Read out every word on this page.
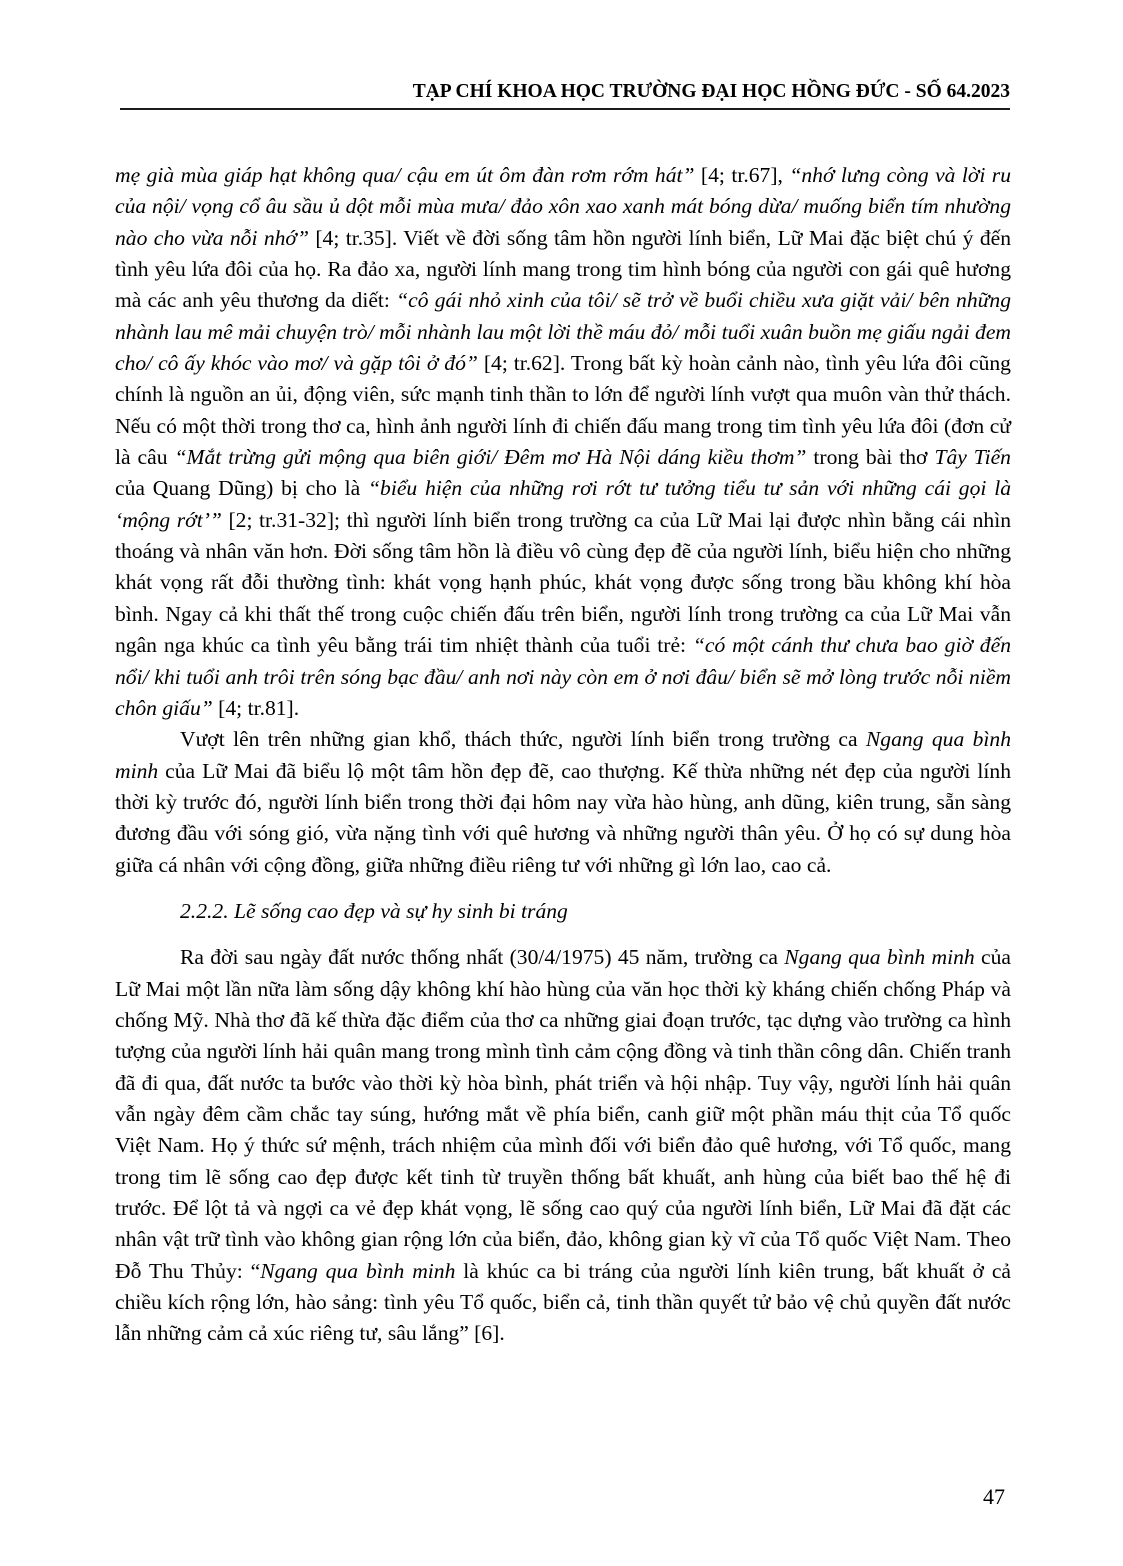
TẠP CHÍ KHOA HỌC TRƯỜNG ĐẠI HỌC HỒNG ĐỨC - SỐ 64.2023

mẹ già mùa giáp hạt không qua/ cậu em út ôm đàn rơm rớm hát” [4; tr.67], “nhớ lưng còng và lời ru của nội/ vọng cổ âu sầu ủ dột mỗi mùa mưa/ đảo xôn xao xanh mát bóng dừa/ muống biển tím nhường nào cho vừa nỗi nhớ” [4; tr.35]. Viết về đời sống tâm hồn người lính biển, Lữ Mai đặc biệt chú ý đến tình yêu lứa đôi của họ. Ra đảo xa, người lính mang trong tim hình bóng của người con gái quê hương mà các anh yêu thương da diết: “cô gái nhỏ xinh của tôi/ sẽ trở về buổi chiều xưa giặt vải/ bên những nhành lau mê mải chuyện trò/ mỗi nhành lau một lời thề máu đỏ/ mỗi tuổi xuân buồn mẹ giấu ngải đem cho/ cô ấy khóc vào mơ/ và gặp tôi ở đó” [4; tr.62]. Trong bất kỳ hoàn cảnh nào, tình yêu lứa đôi cũng chính là nguồn an ủi, động viên, sức mạnh tinh thần to lớn để người lính vượt qua muôn vàn thử thách. Nếu có một thời trong thơ ca, hình ảnh người lính đi chiến đấu mang trong tim tình yêu lứa đôi (đơn cử là câu “Mắt trừng gửi mộng qua biên giới/ Đêm mơ Hà Nội dáng kiều thơm” trong bài thơ Tây Tiến của Quang Dũng) bị cho là “biểu hiện của những rơi rớt tư tưởng tiểu tư sản với những cái gọi là ‘mộng rớt’” [2; tr.31-32]; thì người lính biển trong trường ca của Lữ Mai lại được nhìn bằng cái nhìn thoáng và nhân văn hơn. Đời sống tâm hồn là điều vô cùng đẹp đẽ của người lính, biểu hiện cho những khát vọng rất đỗi thường tình: khát vọng hạnh phúc, khát vọng được sống trong bầu không khí hòa bình. Ngay cả khi thất thế trong cuộc chiến đấu trên biển, người lính trong trường ca của Lữ Mai vẫn ngân nga khúc ca tình yêu bằng trái tim nhiệt thành của tuổi trẻ: “có một cánh thư chưa bao giờ đến nổi/ khi tuổi anh trôi trên sóng bạc đầu/ anh nơi này còn em ở nơi đâu/ biển sẽ mở lòng trước nỗi niềm chôn giấu” [4; tr.81].

Vượt lên trên những gian khổ, thách thức, người lính biển trong trường ca Ngang qua bình minh của Lữ Mai đã biểu lộ một tâm hồn đẹp đẽ, cao thượng. Kế thừa những nét đẹp của người lính thời kỳ trước đó, người lính biển trong thời đại hôm nay vừa hào hùng, anh dũng, kiên trung, sẵn sàng đương đầu với sóng gió, vừa nặng tình với quê hương và những người thân yêu. Ở họ có sự dung hòa giữa cá nhân với cộng đồng, giữa những điều riêng tư với những gì lớn lao, cao cả.

2.2.2. Lẽ sống cao đẹp và sự hy sinh bi tráng

Ra đời sau ngày đất nước thống nhất (30/4/1975) 45 năm, trường ca Ngang qua bình minh của Lữ Mai một lần nữa làm sống dậy không khí hào hùng của văn học thời kỳ kháng chiến chống Pháp và chống Mỹ. Nhà thơ đã kế thừa đặc điểm của thơ ca những giai đoạn trước, tạc dựng vào trường ca hình tượng của người lính hải quân mang trong mình tình cảm cộng đồng và tinh thần công dân. Chiến tranh đã đi qua, đất nước ta bước vào thời kỳ hòa bình, phát triển và hội nhập. Tuy vậy, người lính hải quân vẫn ngày đêm cầm chắc tay súng, hướng mắt về phía biển, canh giữ một phần máu thịt của Tổ quốc Việt Nam. Họ ý thức sứ mệnh, trách nhiệm của mình đối với biển đảo quê hương, với Tổ quốc, mang trong tim lẽ sống cao đẹp được kết tinh từ truyền thống bất khuất, anh hùng của biết bao thế hệ đi trước. Để lột tả và ngợi ca vẻ đẹp khát vọng, lẽ sống cao quý của người lính biển, Lữ Mai đã đặt các nhân vật trữ tình vào không gian rộng lớn của biển, đảo, không gian kỳ vĩ của Tổ quốc Việt Nam. Theo Đỗ Thu Thủy: “Ngang qua bình minh là khúc ca bi tráng của người lính kiên trung, bất khuất ở cả chiều kích rộng lớn, hào sảng: tình yêu Tổ quốc, biển cả, tinh thần quyết tử bảo vệ chủ quyền đất nước lẫn những cảm cả xúc riêng tư, sâu lắng” [6].

47
